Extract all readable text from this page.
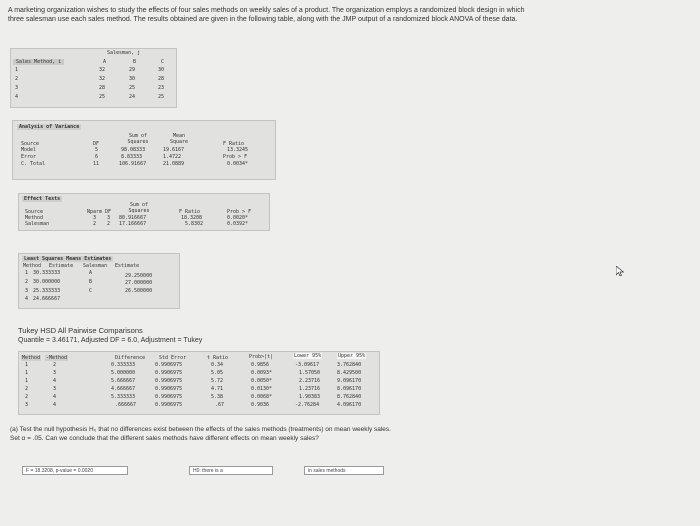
A marketing organization wishes to study the effects of four sales methods on weekly sales of a product. The organization employs a randomized block design in which three salesman use each sales method. The results obtained are given in the following table, along with the JMP output of a randomized block ANOVA of these data.
Salesman, j
Sales Method, i	A	B	C
1	32	29	30
2	32	30	28
3	28	25	23
4	25	24	25
Analysis of Variance
Source	DF
Sum of Squares
Mean Square	F Ratio
Model	5	98.08333	19.6167	13.3245
Error	6	8.83333	1.4722	Prob > F
C. Total	11	106.91667	21.0889	0.0034*
Effect Tests
Source	Nparm DF
Sum of Squares	F Ratio	Prob > F
Method	3 3 80.916667	18.3208	0.0020*
Salesman	2 2 17.166667	5.8302	0.0392*
Least Squares Means Estimates
Method Estimate Salesman Estimate
1 30.333333	A	29.250000
2 30.000000	B	27.000000
3 25.333333	C	26.500000
4 24.666667
Tukey HSD All Pairwise Comparisons
Quantile = 3.46171, Adjusted DF = 6.0, Adjustment = Tukey
Method -Method	Difference	Std Error	t Ratio	Prob>|t|	Lower 95%	Upper 95%
1	2	0.333333	0.9906975	0.34	0.9856	-3.09617	3.762840
1	3	5.000000	0.9906975	5.05	0.0093*	1.57050	8.429500
1	4	5.666667	0.9906975	5.72	0.0050*	2.23716	9.096170
2	3	4.666667	0.9906975	4.71	0.0130*	1.23716	8.096170
2	4	5.333333	0.9906975	5.38	0.0068*	1.90383	8.762840
3	4	.666667	0.9906975	.67	0.9036	-2.76284	4.096170
(a) Test the null hypothesis H₀ that no differences exist between the effects of the sales methods (treatments) on mean weekly sales.
Set α = .05. Can we conclude that the different sales methods have different effects on mean weekly sales?
F = 18.3208, p-value = 0.0020	H0: there is a	in sales methods
